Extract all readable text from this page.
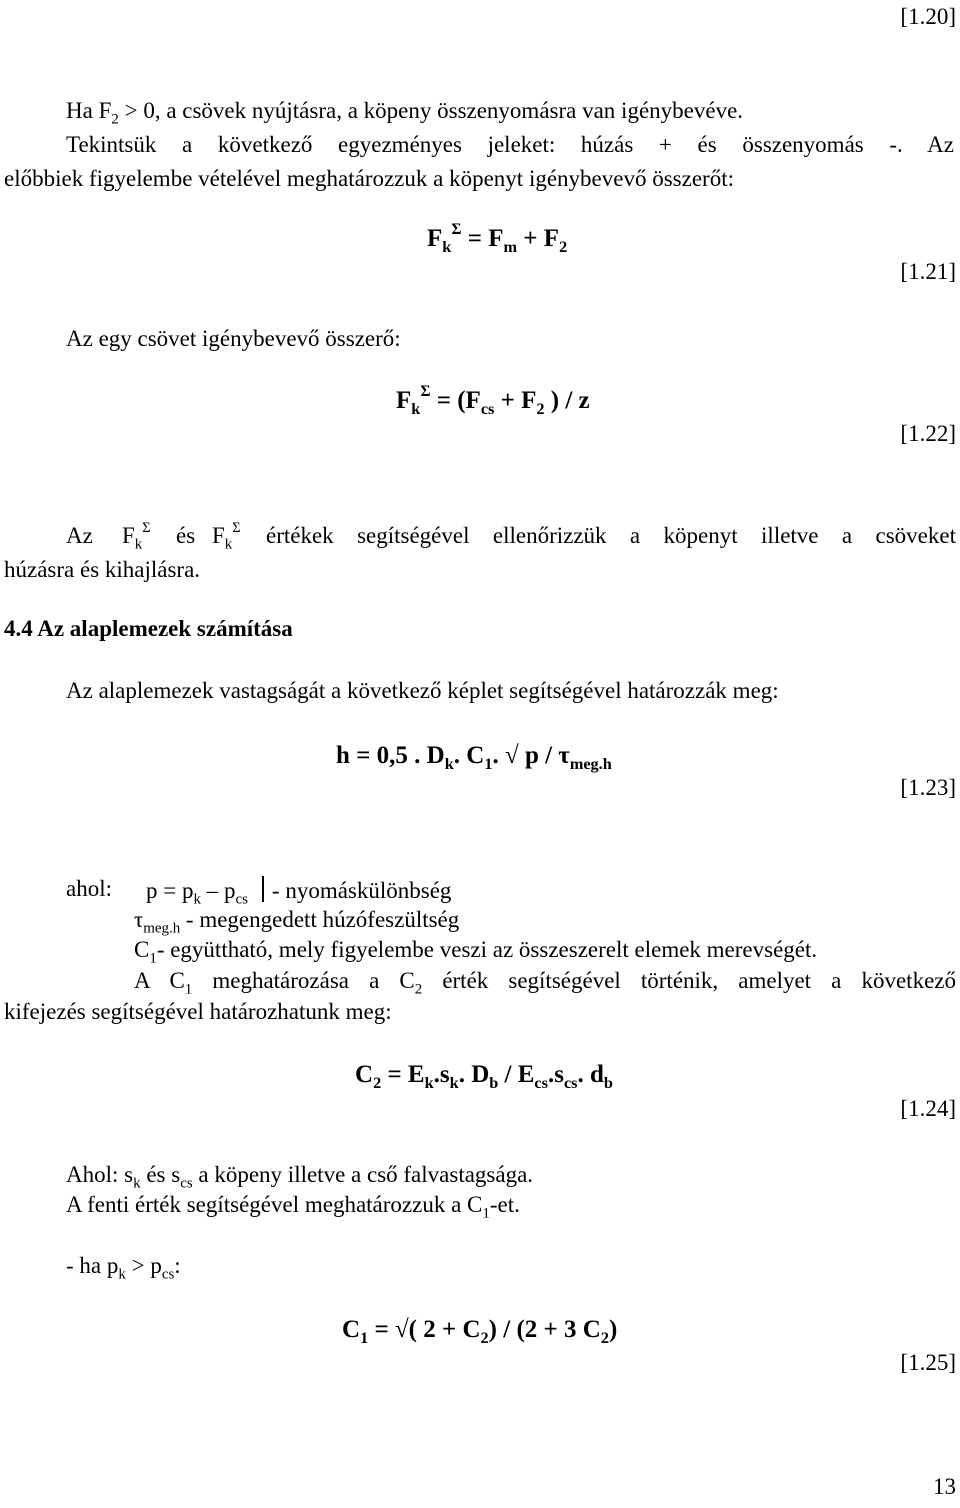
[1.20]
Ha $F_2 > 0$, a csövek nyújtásra, a köpeny összenyomásra van igénybevéve.
Tekintsük a következő egyezményes jeleket: húzás + és összenyomás -. Az
előbbiek figyelembe vételével meghatározzuk a köpenyt igénybevevő összerőt:
$F_k^\Sigma = F_m + F_2$
[1.21]
Az egy csövet igénybevevő összerő:
$F_k^\Sigma = (F_{cs} + F_2$ ) / z
[1.22]
Az $F_k^\Sigma$ és $F_k^\Sigma$ értékek segítségével ellenőrizzük a köpenyt illetve a csöveket
húzásra és kihajlásra.
4.4 Az alaplemezek számítása
Az alaplemezek vastagságát a következő képlet segítségével határozzák meg:
h = 0,5 . $D_k$. $C_1$. √ p / $\tau_{meg.h}$
[1.23]
ahol: $p = p_k - p_{cs}$ - nyomáskülönbség
$\tau_{meg.h}$ - megengedett húzófeszültség
$C_1-$ együttható, mely figyelembe veszi az összeszerelt elemek merevségét.
A $C_1$ meghatározása a $C_2$ érték segítségével történik, amelyet a következő
kifejezés segítségével határozhatunk meg:
$C_2 = E_k.s_k$. $D_b / E_{cs}.s_{cs}$. $d_b$
[1.24]
Ahol: $s_k$ és $s_{cs}$ a köpeny illetve a cső falvastagsága.
A fenti érték segítségével meghatározzuk a $C_1-et$.
- ha $p_k > p_{cs}$:
$C_1$ = √( $2 + C_2) / (2 + 3$ $C_2$)
[1.25]
13
